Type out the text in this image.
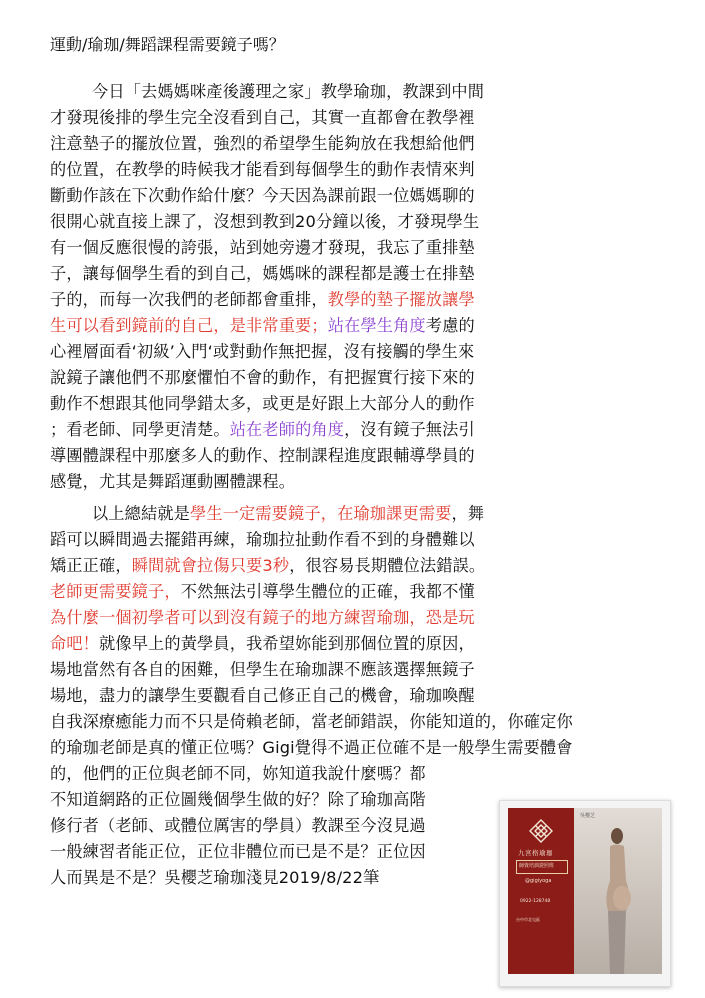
運動/瑜珈/舞蹈課程需要鏡子嗎？
今日「去媽媽咪產後護理之家」教學瑜珈，教課到中間
才發現後排的學生完全沒看到自己，其實一直都會在教學裡
注意墊子的擺放位置，強烈的希望學生能夠放在我想給他們
的位置，在教學的時候我才能看到每個學生的動作表情來判
斷動作該在下次動作給什麼？今天因為課前跟一位媽媽聊的
很開心就直接上課了，沒想到教到20分鐘以後，才發現學生
有一個反應很慢的誇張，站到她旁邊才發現，我忘了重排墊
子，讓每個學生看的到自己，媽媽咪的課程都是護士在排墊
子的，而每一次我們的老師都會重排，教學的墊子擺放讓學
生可以看到鏡前的自己，是非常重要；站在學生角度考慮的
心裡層面看‘初級’入門‘或對動作無把握，沒有接觸的學生來
說鏡子讓他們不那麼懼怕不會的動作，有把握實行接下來的
動作不想跟其他同學錯太多，或更是好跟上大部分人的動作
；看老師、同學更清楚。站在老師的角度，沒有鏡子無法引
導團體課程中那麼多人的動作、控制課程進度跟輔導學員的
感覺，尤其是舞蹈運動團體課程。
以上總結就是學生一定需要鏡子，在瑜珈課更需要，舞
蹈可以瞬間過去擺錯再練，瑜珈拉扯動作看不到的身體難以
矯正正確，瞬間就會拉傷只要3秒，很容易長期體位法錯誤。
老師更需要鏡子，不然無法引導學生體位的正確，我都不懂
為什麼一個初學者可以到沒有鏡子的地方練習瑜珈，恐是玩
命吧！就像早上的黃學員，我希望妳能到那個位置的原因，
場地當然有各自的困難，但學生在瑜珈課不應該選擇無鏡子
場地，盡力的讓學生要觀看自己修正自己的機會，瑜珈喚醒
自我深療癒能力而不只是倚賴老師，當老師錯誤，你能知道的，你確定你
的瑜珈老師是真的懂正位嗎？Gigi覺得不過正位確不是一般學生需要體會
的，他們的正位與老師不同，妳知道我說什麼嗎？都
不知道網路的正位圖幾個學生做的好？除了瑜珈高階
修行者（老師、或體位厲害的學員）教課至今沒見過
一般練習者能正位，正位非體位而已是不是？正位因
人而異是不是？吳櫻芝瑜珈淺見2019/8/22筆
九宮格瑜珈
師資培訓證照班
@gigiyoga
0922-128748
台中市北屯區
吳櫻芝
